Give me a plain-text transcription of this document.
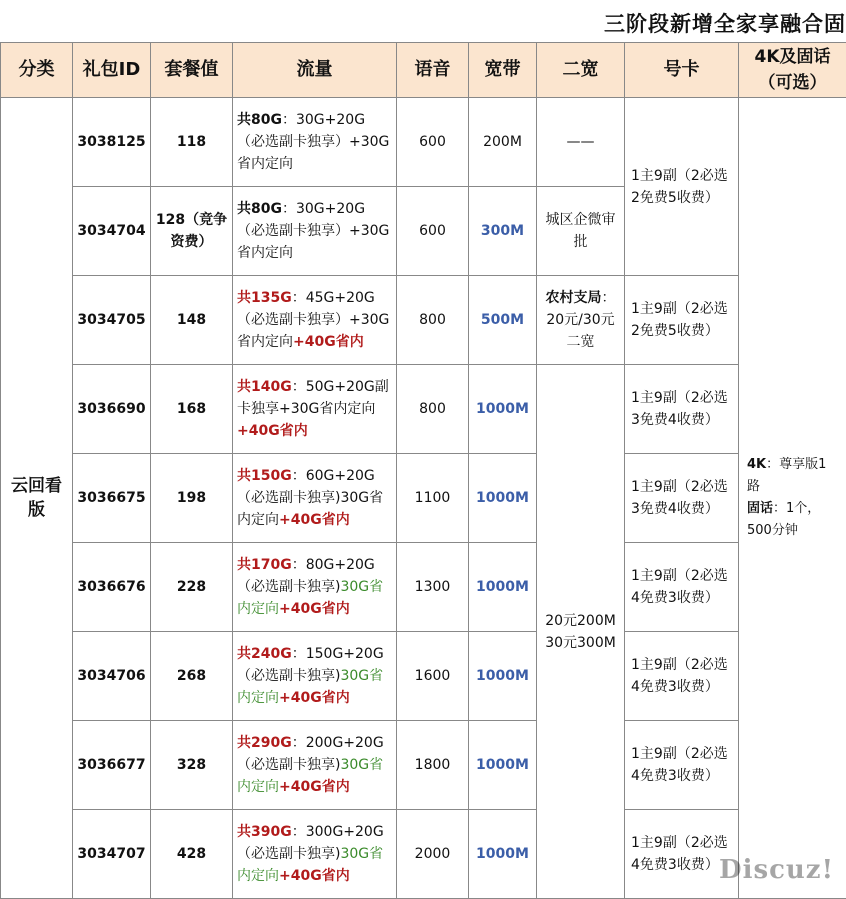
三阶段新增全家享融合固
分类	礼包ID	套餐值	流量	语音	宽带	二宽	号卡	4K及固话（可选）
云回看版	3038125	118	共80G：30G+20G（必选副卡独享）+30G省内定向	600	200M	——	1主9副（2必选2免费5收费）	4K：尊享版1路
固话：1个，500分钟
	3034704	128（竞争资费）	共80G：30G+20G（必选副卡独享）+30G省内定向	600	300M	城区企微审批		
	3034705	148	共135G：45G+20G（必选副卡独享）+30G省内定向+40G省内	800	500M	农村支局：20元/30元二宽	1主9副（2必选2免费5收费）	
	3036690	168	共140G：50G+20G副卡独享+30G省内定向+40G省内	800	1000M	20元200M 30元300M	1主9副（2必选3免费4收费）	
	3036675	198	共150G：60G+20G（必选副卡独享)30G省内定向+40G省内	1100	1000M		1主9副（2必选3免费4收费）	
	3036676	228	共170G：80G+20G（必选副卡独享)30G省内定向+40G省内	1300	1000M		1主9副（2必选4免费3收费）	
	3034706	268	共240G：150G+20G（必选副卡独享)30G省内定向+40G省内	1600	1000M		1主9副（2必选4免费3收费）	
	3036677	328	共290G：200G+20G（必选副卡独享)30G省内定向+40G省内	1800	1000M		1主9副（2必选4免费3收费）	
	3034707	428	共390G：300G+20G（必选副卡独享)30G省内定向+40G省内	2000	1000M		1主9副（2必选4免费3收费）	Discuz!
